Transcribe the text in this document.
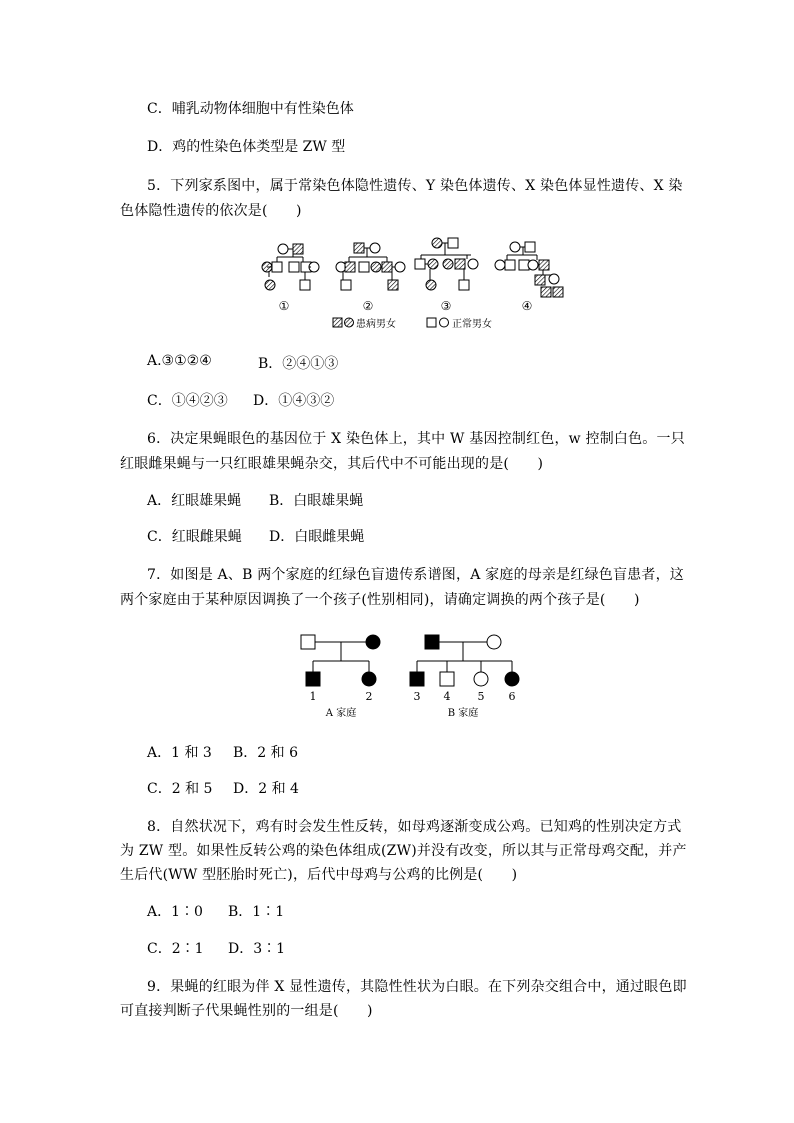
C．哺乳动物体细胞中有性染色体
D．鸡的性染色体类型是 ZW 型
5．下列家系图中，属于常染色体隐性遗传、Y 染色体遗传、X 染色体显性遗传、X 染
色体隐性遗传的依次是(　　)
①	②	③	④
患病男女	正常男女
A.③①②④	B．②④①③
C．①④②③ D．①④③②
6．决定果蝇眼色的基因位于 X 染色体上，其中 W 基因控制红色，w 控制白色。一只
红眼雌果蝇与一只红眼雄果蝇杂交，其后代中不可能出现的是(　　)
A．红眼雄果蝇 B．白眼雄果蝇
C．红眼雌果蝇 D．白眼雌果蝇
7．如图是 A、B 两个家庭的红绿色盲遗传系谱图，A 家庭的母亲是红绿色盲患者，这
两个家庭由于某种原因调换了一个孩子(性别相同)，请确定调换的两个孩子是(　　)
1	2	3 4 5 6
A 家庭	B 家庭
A．1 和 3 B．2 和 6
C．2 和 5 D．2 和 4
8．自然状况下，鸡有时会发生性反转，如母鸡逐渐变成公鸡。已知鸡的性别决定方式
为 ZW 型。如果性反转公鸡的染色体组成(ZW)并没有改变，所以其与正常母鸡交配，并产
生后代(WW 型胚胎时死亡)，后代中母鸡与公鸡的比例是(　　)
A．1∶0 B．1∶1
C．2∶1 D．3∶1
9．果蝇的红眼为伴 X 显性遗传，其隐性性状为白眼。在下列杂交组合中，通过眼色即
可直接判断子代果蝇性别的一组是(　　)
